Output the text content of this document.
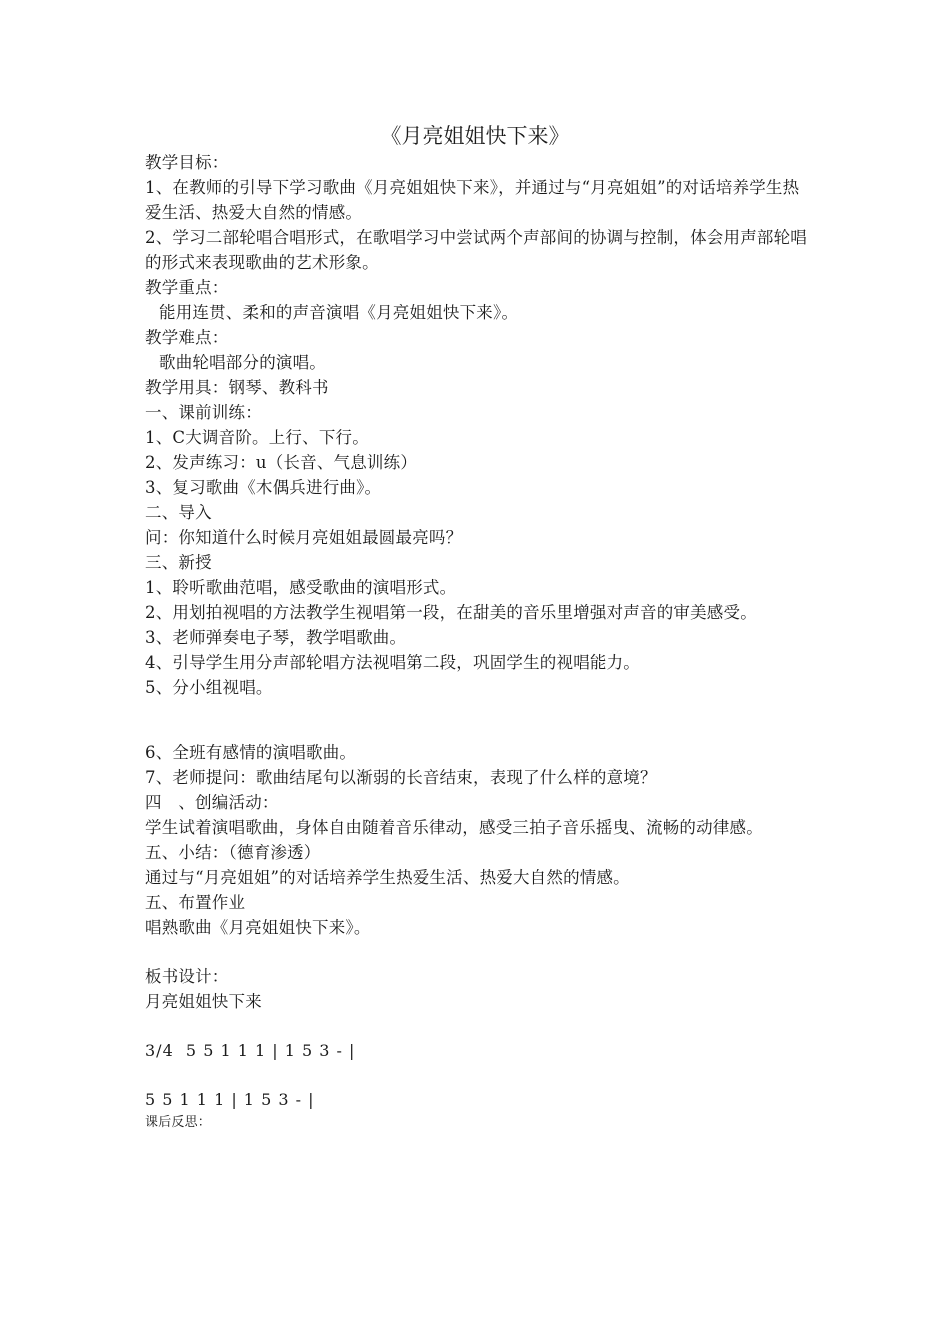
《月亮姐姐快下来》
教学目标：
1、在教师的引导下学习歌曲《月亮姐姐快下来》，并通过与“月亮姐姐”的对话培养学生热爱生活、热爱大自然的情感。
2、学习二部轮唱合唱形式，在歌唱学习中尝试两个声部间的协调与控制，体会用声部轮唱的形式来表现歌曲的艺术形象。
教学重点：
能用连贯、柔和的声音演唱《月亮姐姐快下来》。
教学难点：
歌曲轮唱部分的演唱。
教学用具：钢琴、教科书
一、课前训练：
1、C大调音阶。上行、下行。
2、发声练习：u（长音、气息训练）
3、复习歌曲《木偶兵进行曲》。
二、导入
问：你知道什么时候月亮姐姐最圆最亮吗？
三、新授
1、聆听歌曲范唱，感受歌曲的演唱形式。
2、用划拍视唱的方法教学生视唱第一段，在甜美的音乐里增强对声音的审美感受。
3、老师弹奏电子琴，教学唱歌曲。
4、引导学生用分声部轮唱方法视唱第二段，巩固学生的视唱能力。
5、分小组视唱。
6、全班有感情的演唱歌曲。
7、老师提问：歌曲结尾句以渐弱的长音结束，表现了什么样的意境？
四　、创编活动：
学生试着演唱歌曲，身体自由随着音乐律动，感受三拍子音乐摇曳、流畅的动律感。
五、小结：（德育渗透）
通过与“月亮姐姐”的对话培养学生热爱生活、热爱大自然的情感。
五、布置作业
唱熟歌曲《月亮姐姐快下来》。
板书设计：
月亮姐姐快下来
3/4  5 5 1 1 1 | 1 5 3 - |
5 5 1 1 1 | 1 5 3 - |
课后反思：
